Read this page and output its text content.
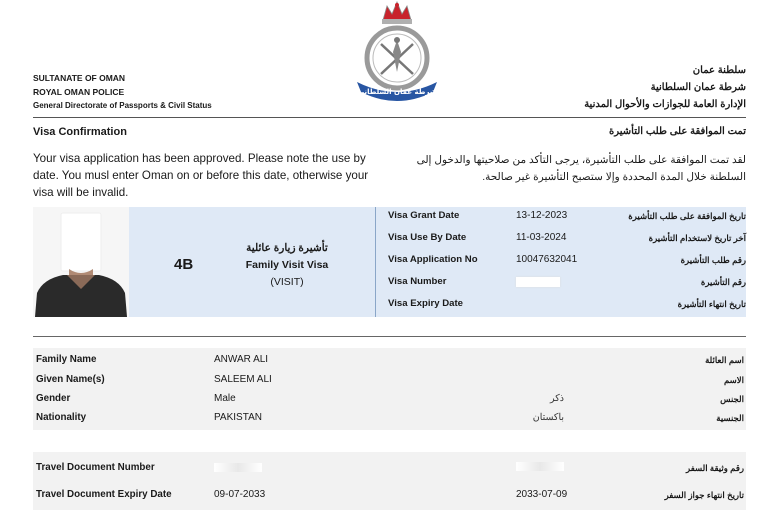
شرطة عمان السلطانية
SULTANATE OF OMAN
ROYAL OMAN POLICE
General Directorate of Passports & Civil Status
سلطنة عمان
شرطة عمان السلطانية
الإدارة العامة للجوازات والأحوال المدنية
Visa Confirmation	تمت الموافقة على طلب التأشيرة
Your visa application has been approved. Please note the use by date. You musl enter Oman on or before this date, otherwise your visa will be invalid.
لقد تمت الموافقة على طلب التأشيرة، يرجى التأكد من صلاحيتها والدخول إلى السلطنة خلال المدة المحددة وإلا ستصبح التأشيرة غير صالحة.
4B
تأشيرة زيارة عائلية
Family Visit Visa
(VISIT)
Visa Grant Date	13-12-2023	تاريخ الموافقة على طلب التأشيرة
Visa Use By Date	11-03-2024	آخر تاريخ لاستخدام التأشيرة
Visa Application No	10047632041	رقم طلب التأشيرة
Visa Number	رقم التأشيرة
Visa Expiry Date	تاريخ انتهاء التأشيرة
Family Name	ANWAR ALI	اسم العائلة
Given Name(s)	SALEEM ALI	الاسم
Gender	Male	ذكر	الجنس
Nationality	PAKISTAN	باكستان	الجنسية
Travel Document Number	رقم وثيقة السفر
Travel Document Expiry Date	09-07-2033	2033-07-09	تاريخ انتهاء جواز السفر
